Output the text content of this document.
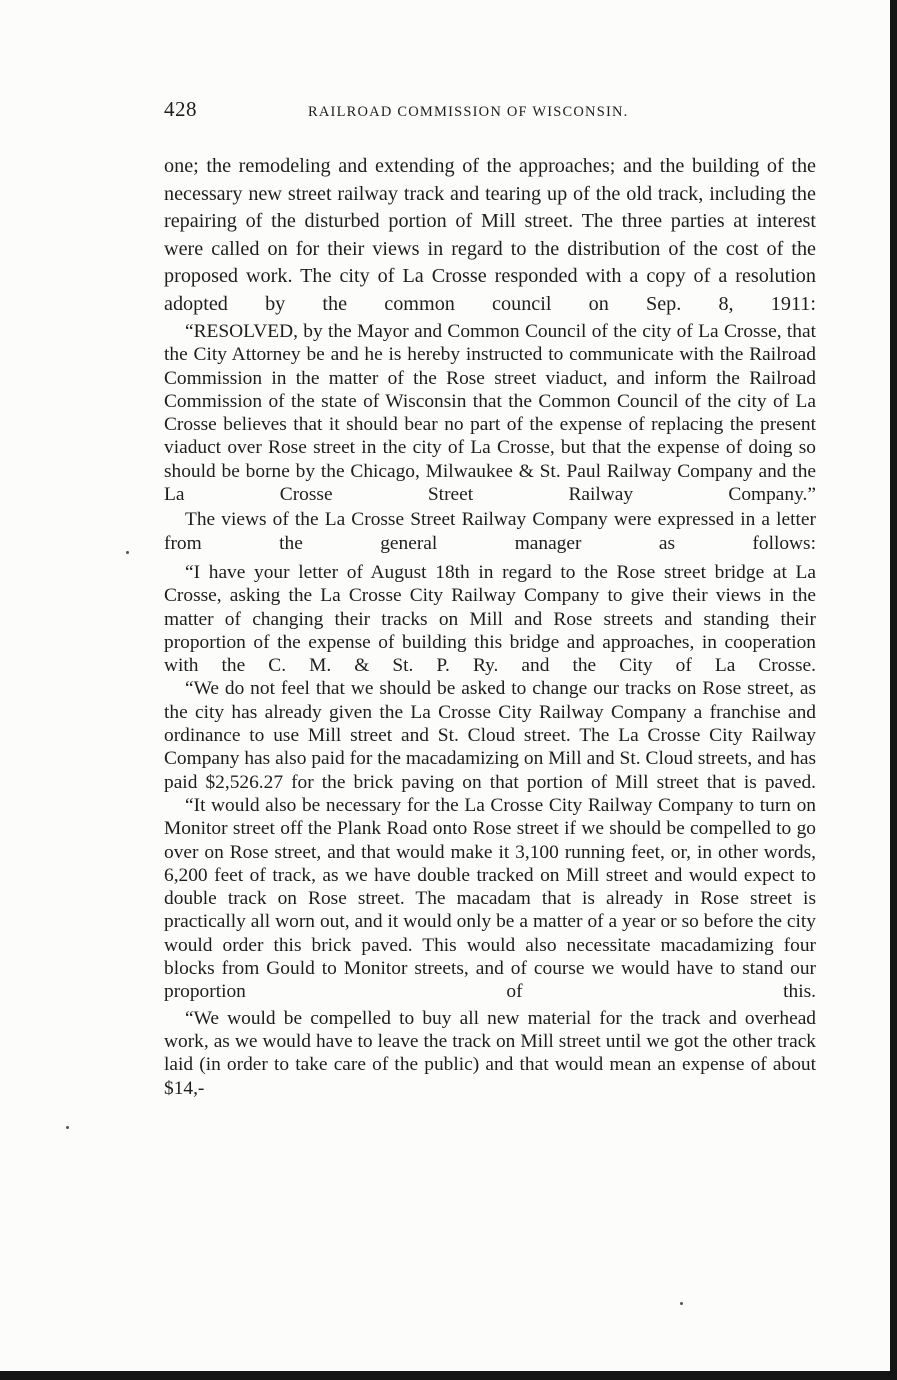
428	RAILROAD COMMISSION OF WISCONSIN.

one; the remodeling and extending of the approaches; and the building of the necessary new street railway track and tearing up of the old track, including the repairing of the disturbed portion of Mill street. The three parties at interest were called on for their views in regard to the distribution of the cost of the proposed work. The city of La Crosse responded with a copy of a resolution adopted by the common council on Sep. 8, 1911:

“RESOLVED, by the Mayor and Common Council of the city of La Crosse, that the City Attorney be and he is hereby instructed to communicate with the Railroad Commission in the matter of the Rose street viaduct, and inform the Railroad Commission of the state of Wisconsin that the Common Council of the city of La Crosse believes that it should bear no part of the expense of replacing the present viaduct over Rose street in the city of La Crosse, but that the expense of doing so should be borne by the Chicago, Milwaukee & St. Paul Railway Company and the La Crosse Street Railway Company.”

The views of the La Crosse Street Railway Company were expressed in a letter from the general manager as follows:

“I have your letter of August 18th in regard to the Rose street bridge at La Crosse, asking the La Crosse City Railway Company to give their views in the matter of changing their tracks on Mill and Rose streets and standing their proportion of the expense of building this bridge and approaches, in cooperation with the C. M. & St. P. Ry. and the City of La Crosse.

“We do not feel that we should be asked to change our tracks on Rose street, as the city has already given the La Crosse City Railway Company a franchise and ordinance to use Mill street and St. Cloud street. The La Crosse City Railway Company has also paid for the macadamizing on Mill and St. Cloud streets, and has paid $2,526.27 for the brick paving on that portion of Mill street that is paved.

“It would also be necessary for the La Crosse City Railway Company to turn on Monitor street off the Plank Road onto Rose street if we should be compelled to go over on Rose street, and that would make it 3,100 running feet, or, in other words, 6,200 feet of track, as we have double tracked on Mill street and would expect to double track on Rose street. The macadam that is already in Rose street is practically all worn out, and it would only be a matter of a year or so before the city would order this brick paved. This would also necessitate macadamizing four blocks from Gould to Monitor streets, and of course we would have to stand our proportion of this.

“We would be compelled to buy all new material for the track and overhead work, as we would have to leave the track on Mill street until we got the other track laid (in order to take care of the public) and that would mean an expense of about $14,-
